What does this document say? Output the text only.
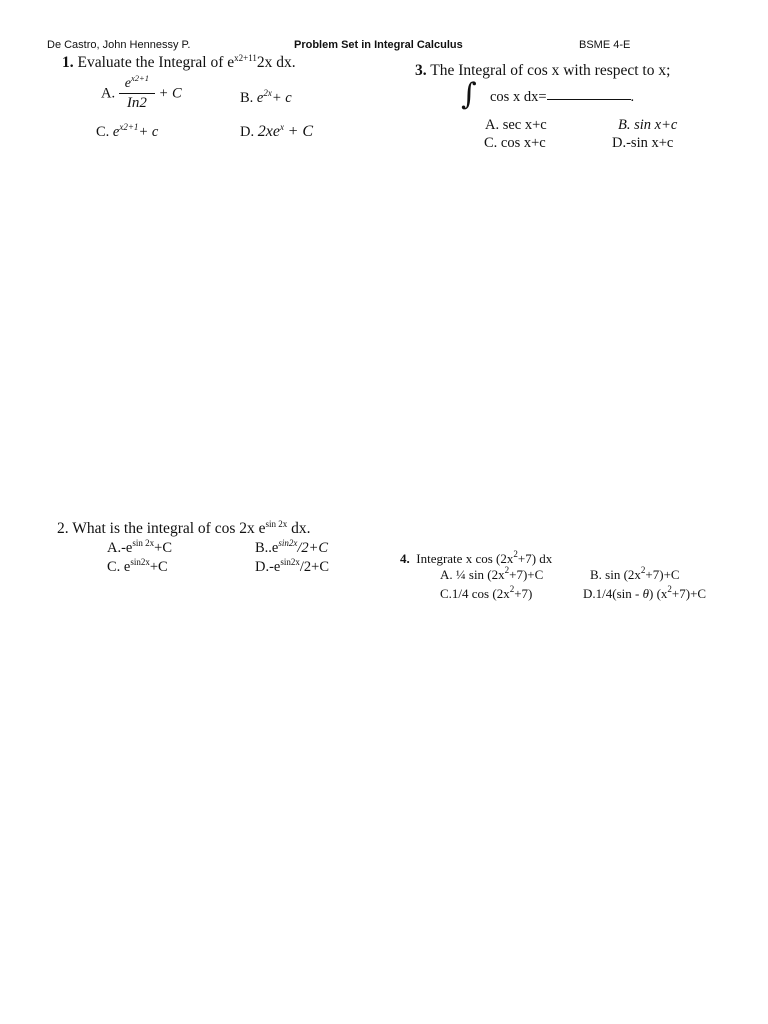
De Castro, John Hennessy P.	Problem Set in Integral Calculus	BSME 4-E
1. Evaluate the Integral of $e^{x2+11}2x$ dx.
A. $\frac{e^{x2+1}}{In2} + C$	B. $e^{2x}+ c$
C. $e^{x2+1}+ c$	D. $2xe^x + C$
3. The Integral of cos x with respect to x;
∫ cos x dx=	.
A. sec x+c	B. sin x+c
C. cos x+c	D.-sin x+c
2. What is the integral of cos 2x $e^{sin 2x}$ dx.
$A.-e^{sin 2x}+C$	$B..e^{sin2x}/2+C$
C. $e^{sin2x}+C$	$D.-e^{sin2x}/2+C$
4. Integrate x $\cos (2x^2+7)$ dx
A. ¼ $\sin (2x^2+7)+C$	B. $\sin (2x^2+7)+C$
C.1/4 $\cos (2x^2+7)$	D.1/4(sin - θ) $(x^2+7)+C$
